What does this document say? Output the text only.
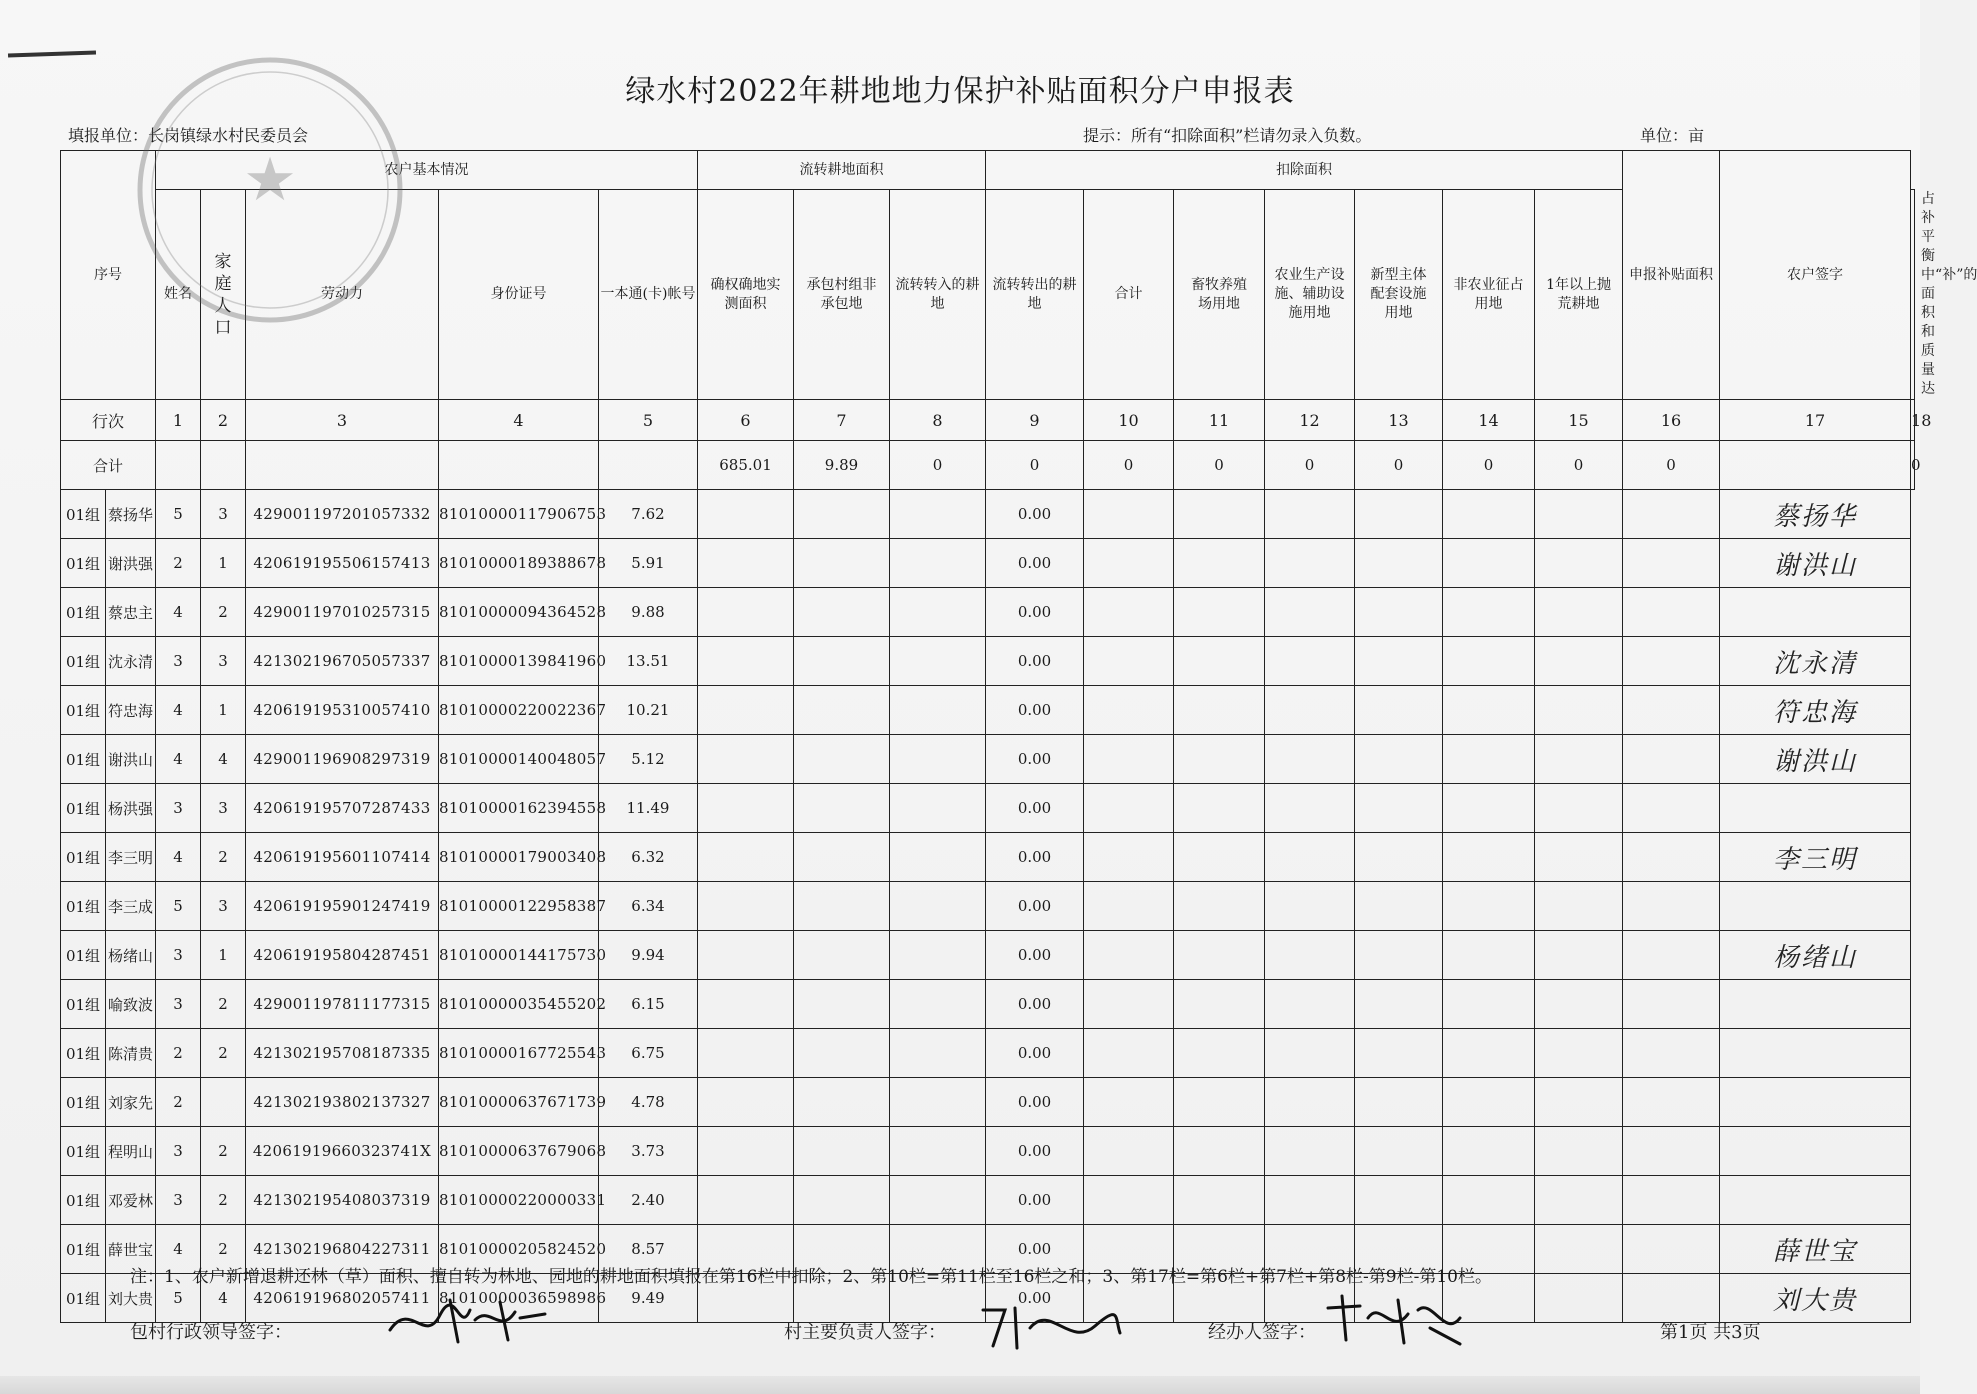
绿水村2022年耕地地力保护补贴面积分户申报表
填报单位：长岗镇绿水村民委员会	提示：所有“扣除面积”栏请勿录入负数。	单位：亩
序号		农户基本情况					流转耕地面积			扣除面积							申报补贴面积	农户签字	
		姓名	家庭人口	劳动力	身份证号	一本通(卡)帐号	确权确地实测面积	承包村组非承包地	流转转入的耕地	流转转出的耕地	合计	畜牧养殖场用地	农业生产设施、辅助设施用地	新型主体配套设施用地	非农业征占用地	1年以上抛荒耕地			占补平衡中“补”的面积和质量达
行次		1	2	3	4	5	6	7	8	9	10	11	12	13	14	15	16	17	18
合计							685.01	9.89	0	0	0	0	0	0	0	0	0		0
01组	蔡扬华	5	3	429001197201057332	81010000117906753	7.62				0.00								蔡扬华	
01组	谢洪强	2	1	420619195506157413	81010000189388678	5.91				0.00								谢洪山	
01组	蔡忠主	4	2	429001197010257315	81010000094364528	9.88				0.00									
01组	沈永清	3	3	421302196705057337	81010000139841960	13.51				0.00								沈永清	
01组	符忠海	4	1	420619195310057410	81010000220022367	10.21				0.00								符忠海	
01组	谢洪山	4	4	429001196908297319	81010000140048057	5.12				0.00								谢洪山	
01组	杨洪强	3	3	420619195707287433	81010000162394558	11.49				0.00									
01组	李三明	4	2	420619195601107414	81010000179003408	6.32				0.00								李三明	
01组	李三成	5	3	420619195901247419	81010000122958387	6.34				0.00									
01组	杨绪山	3	1	420619195804287451	81010000144175730	9.94				0.00								杨绪山	
01组	喻致波	3	2	429001197811177315	81010000035455202	6.15				0.00									
01组	陈清贵	2	2	421302195708187335	81010000167725543	6.75				0.00									
01组	刘家先	2		421302193802137327	81010000637671739	4.78				0.00									
01组	程明山	3	2	42061919660323741X	81010000637679068	3.73				0.00									
01组	邓爱林	3	2	421302195408037319	81010000220000331	2.40				0.00									
01组	薛世宝	4	2	421302196804227311	81010000205824520	8.57				0.00								薛世宝	
01组	刘大贵	5	4	420619196802057411	81010000036598986	9.49				0.00								刘大贵	
注：1、农户新增退耕还林（草）面积、擅自转为林地、园地的耕地面积填报在第16栏中扣除；2、第10栏=第11栏至16栏之和；3、第17栏=第6栏+第7栏+第8栏-第9栏-第10栏。
包村行政领导签字：	村主要负责人签字：	经办人签字：	第1页 共3页
★
